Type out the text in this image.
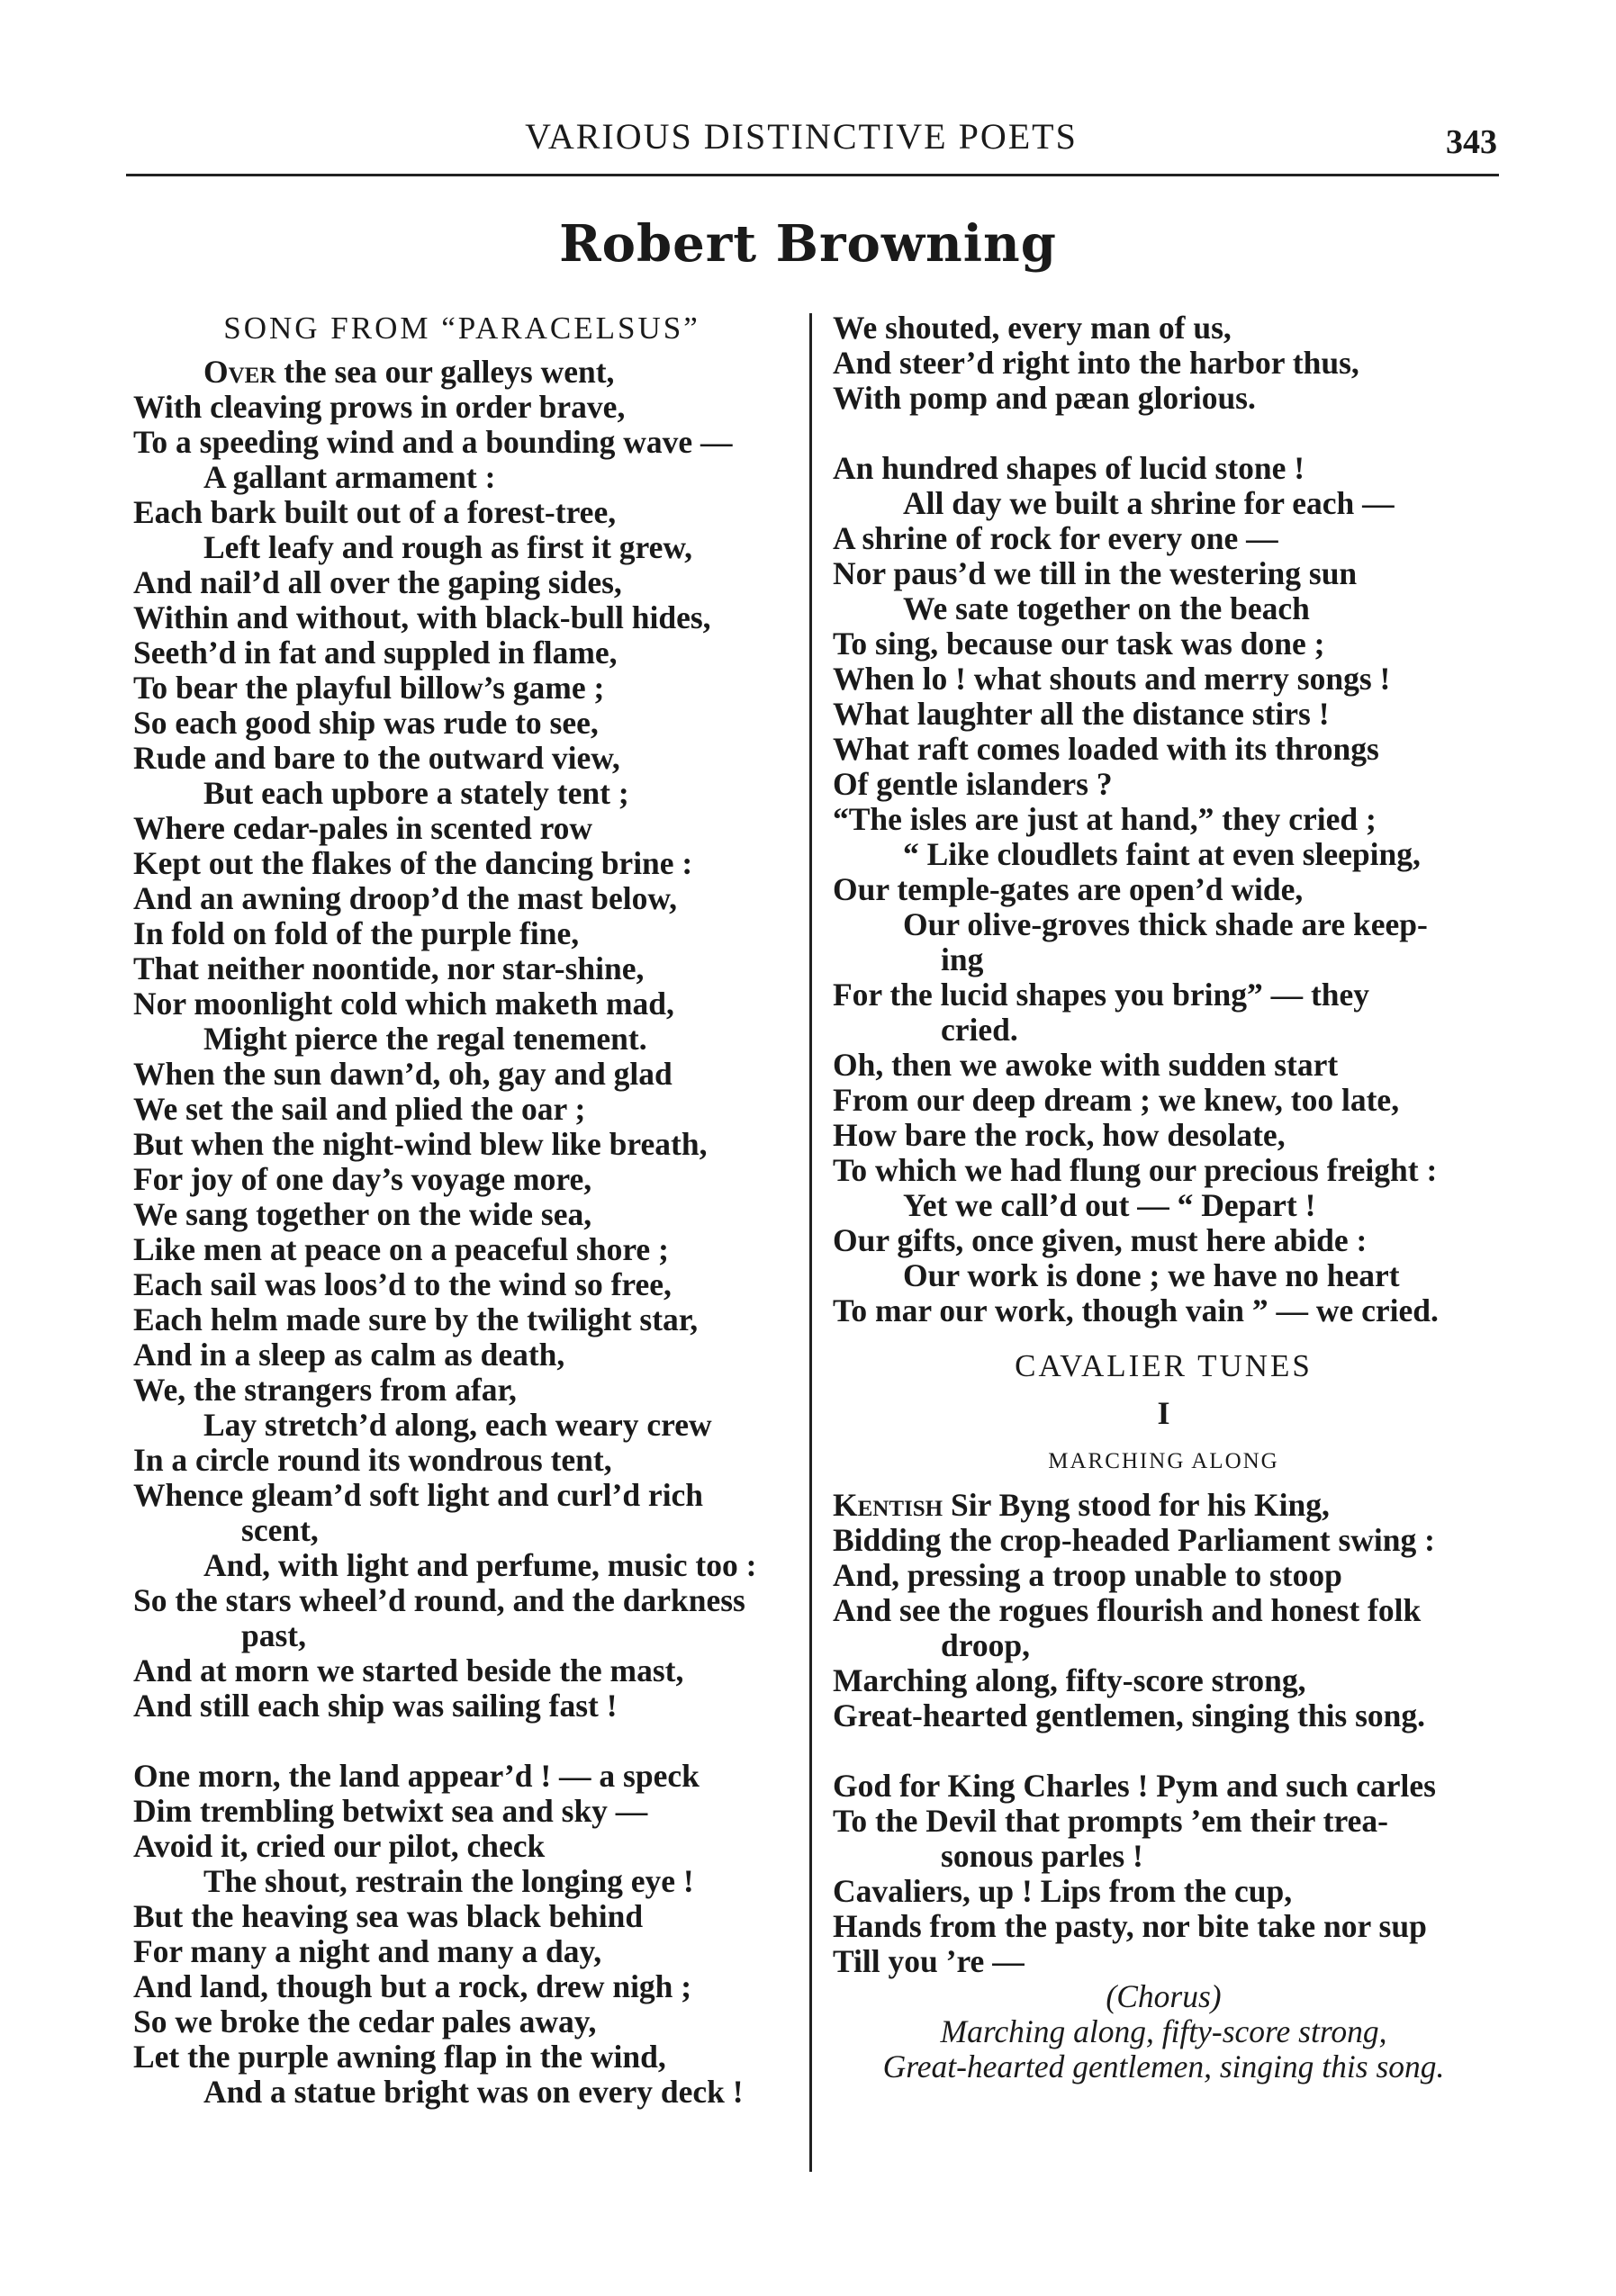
VARIOUS DISTINCTIVE POETS	343
Robert Browning
SONG FROM “PARACELSUS”
Over the sea our galleys went,
With cleaving prows in order brave,
To a speeding wind and a bounding wave —
A gallant armament :
Each bark built out of a forest-tree,
Left leafy and rough as first it grew,
And nail’d all over the gaping sides,
Within and without, with black-bull hides,
Seeth’d in fat and suppled in flame,
To bear the playful billow’s game ;
So each good ship was rude to see,
Rude and bare to the outward view,
But each upbore a stately tent ;
Where cedar-pales in scented row
Kept out the flakes of the dancing brine :
And an awning droop’d the mast below,
In fold on fold of the purple fine,
That neither noontide, nor star-shine,
Nor moonlight cold which maketh mad,
Might pierce the regal tenement.
When the sun dawn’d, oh, gay and glad
We set the sail and plied the oar ;
But when the night-wind blew like breath,
For joy of one day’s voyage more,
We sang together on the wide sea,
Like men at peace on a peaceful shore ;
Each sail was loos’d to the wind so free,
Each helm made sure by the twilight star,
And in a sleep as calm as death,
We, the strangers from afar,
Lay stretch’d along, each weary crew
In a circle round its wondrous tent,
Whence gleam’d soft light and curl’d rich
scent,
And, with light and perfume, music too :
So the stars wheel’d round, and the darkness
past,
And at morn we started beside the mast,
And still each ship was sailing fast !
One morn, the land appear’d ! — a speck
Dim trembling betwixt sea and sky —
Avoid it, cried our pilot, check
The shout, restrain the longing eye !
But the heaving sea was black behind
For many a night and many a day,
And land, though but a rock, drew nigh ;
So we broke the cedar pales away,
Let the purple awning flap in the wind,
And a statue bright was on every deck !
We shouted, every man of us,
And steer’d right into the harbor thus,
With pomp and pæan glorious.
An hundred shapes of lucid stone !
All day we built a shrine for each —
A shrine of rock for every one —
Nor paus’d we till in the westering sun
We sate together on the beach
To sing, because our task was done ;
When lo ! what shouts and merry songs !
What laughter all the distance stirs !
What raft comes loaded with its throngs
Of gentle islanders ?
“The isles are just at hand,” they cried ;
“ Like cloudlets faint at even sleeping,
Our temple-gates are open’d wide,
Our olive-groves thick shade are keep-
ing
For the lucid shapes you bring” — they
cried.
Oh, then we awoke with sudden start
From our deep dream ; we knew, too late,
How bare the rock, how desolate,
To which we had flung our precious freight :
Yet we call’d out — “ Depart !
Our gifts, once given, must here abide :
Our work is done ; we have no heart
To mar our work, though vain ” — we cried.
CAVALIER TUNES
I
MARCHING ALONG
Kentish Sir Byng stood for his King,
Bidding the crop-headed Parliament swing :
And, pressing a troop unable to stoop
And see the rogues flourish and honest folk
droop,
Marching along, fifty-score strong,
Great-hearted gentlemen, singing this song.
God for King Charles ! Pym and such carles
To the Devil that prompts ’em their trea-
sonous parles !
Cavaliers, up ! Lips from the cup,
Hands from the pasty, nor bite take nor sup
Till you ’re —
(Chorus)
Marching along, fifty-score strong,
Great-hearted gentlemen, singing this song.
